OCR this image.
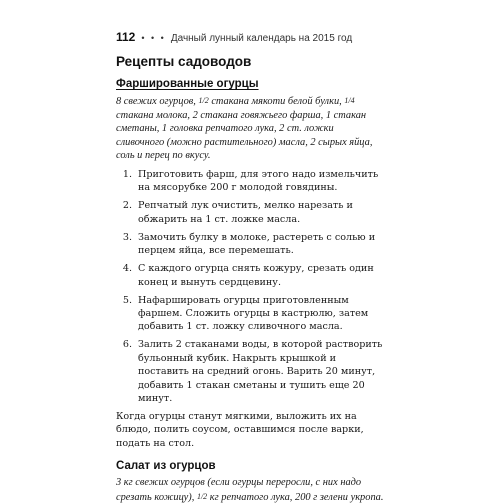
112 • • • Дачный лунный календарь на 2015 год
Рецепты садоводов
Фаршированные огурцы
8 свежих огурцов, 1/2 стакана мякоти белой булки, 1/4 стакана молока, 2 стакана говяжьего фарша, 1 стакан сметаны, 1 головка репчатого лука, 2 ст. ложки сливочного (можно растительного) масла, 2 сырых яйца, соль и перец по вкусу.
1. Приготовить фарш, для этого надо измельчить на мясорубке 200 г молодой говядины.
2. Репчатый лук очистить, мелко нарезать и обжарить на 1 ст. ложке масла.
3. Замочить булку в молоке, растереть с солью и перцем яйца, все перемешать.
4. С каждого огурца снять кожуру, срезать один конец и вынуть сердцевину.
5. Нафаршировать огурцы приготовленным фаршем. Сложить огурцы в кастрюлю, затем добавить 1 ст. ложку сливочного масла.
6. Залить 2 стаканами воды, в которой растворить бульонный кубик. Накрыть крышкой и поставить на средний огонь. Варить 20 минут, добавить 1 стакан сметаны и тушить еще 20 минут.
Когда огурцы станут мягкими, выложить их на блюдо, полить соусом, оставшимся после варки, подать на стол.
Салат из огурцов
3 кг свежих огурцов (если огурцы переросли, с них надо срезать кожицу), 1/2 кг репчатого лука, 200 г зелени укропа.
